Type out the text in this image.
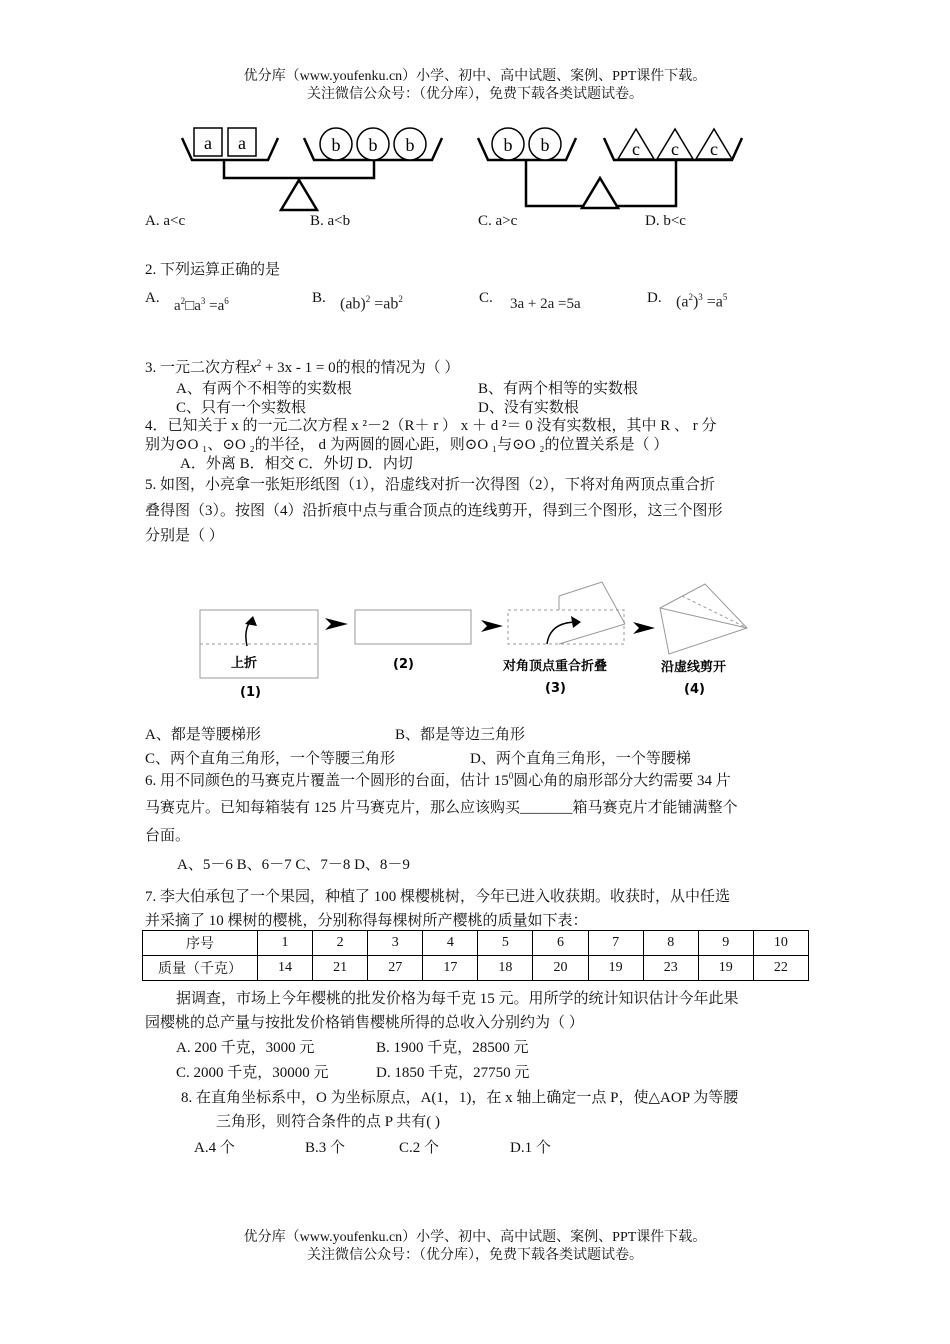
优分库（www.youfenku.cn）小学、初中、高中试题、案例、PPT课件下载。
关注微信公众号：（优分库），免费下载各类试题试卷。
a a	b b b	b b	c c c
A. a<c	B. a<b	C. a>c	D. b<c
2. 下列运算正确的是
A. $a^2□a^3 =a^6$	B. $(ab)^2 =ab^2$	C. 3a + 2a =5a	D. $(a^2)^3 =a^5$
3. 一元二次方程$x^2 + 3x - 1 = 0$的根的情况为（ ）
A、有两个不相等的实数根	B、有两个相等的实数根
C、只有一个实数根	D、没有实数根
4．已知关于 x 的一元二次方程 x ²－2（R＋ r ） x ＋ d ²＝ 0 没有实数根，其中 R 、 r 分
别为⊙O ₁、⊙O ₂的半径， d 为两圆的圆心距，则⊙O ₁与⊙O ₂的位置关系是（ ）
A．外离 B．相交 C．外切 D．内切
5. 如图，小亮拿一张矩形纸图（1），沿虚线对折一次得图（2），下将对角两顶点重合折
叠得图（3）。按图（4）沿折痕中点与重合顶点的连线剪开，得到三个图形，这三个图形
分别是（ ）
上折
(1)
(2)	对角顶点重合折叠
(3)
沿虚线剪开
(4)
A、都是等腰梯形	B、都是等边三角形
C、两个直角三角形，一个等腰三角形	D、两个直角三角形，一个等腰梯
6. 用不同颜色的马赛克片覆盖一个圆形的台面，估计 $15^0$圆心角的扇形部分大约需要 34 片
马赛克片。已知每箱装有 125 片马赛克片，那么应该购买_______箱马赛克片才能铺满整个
台面。
A、5－6 B、6－7 C、7－8 D、8－9
7. 李大伯承包了一个果园，种植了 100 棵樱桃树，今年已进入收获期。收获时，从中任选
并采摘了 10 棵树的樱桃，分别称得每棵树所产樱桃的质量如下表：
序号	1	2	3	4	5	6	7	8	9	10
质量（千克）	14	21	27	17	18	20	19	23	19	22
据调查，市场上今年樱桃的批发价格为每千克 15 元。用所学的统计知识估计今年此果
园樱桃的总产量与按批发价格销售樱桃所得的总收入分别约为（ ）
A. 200 千克，3000 元	B. 1900 千克，28500 元
C. 2000 千克，30000 元	D. 1850 千克，27750 元
8. 在直角坐标系中，O 为坐标原点，A(1，1)，在 x 轴上确定一点 P，使△AOP 为等腰
三角形，则符合条件的点 P 共有( )
A.4 个	B.3 个	C.2 个	D.1 个
优分库（www.youfenku.cn）小学、初中、高中试题、案例、PPT课件下载。
关注微信公众号：（优分库），免费下载各类试题试卷。
